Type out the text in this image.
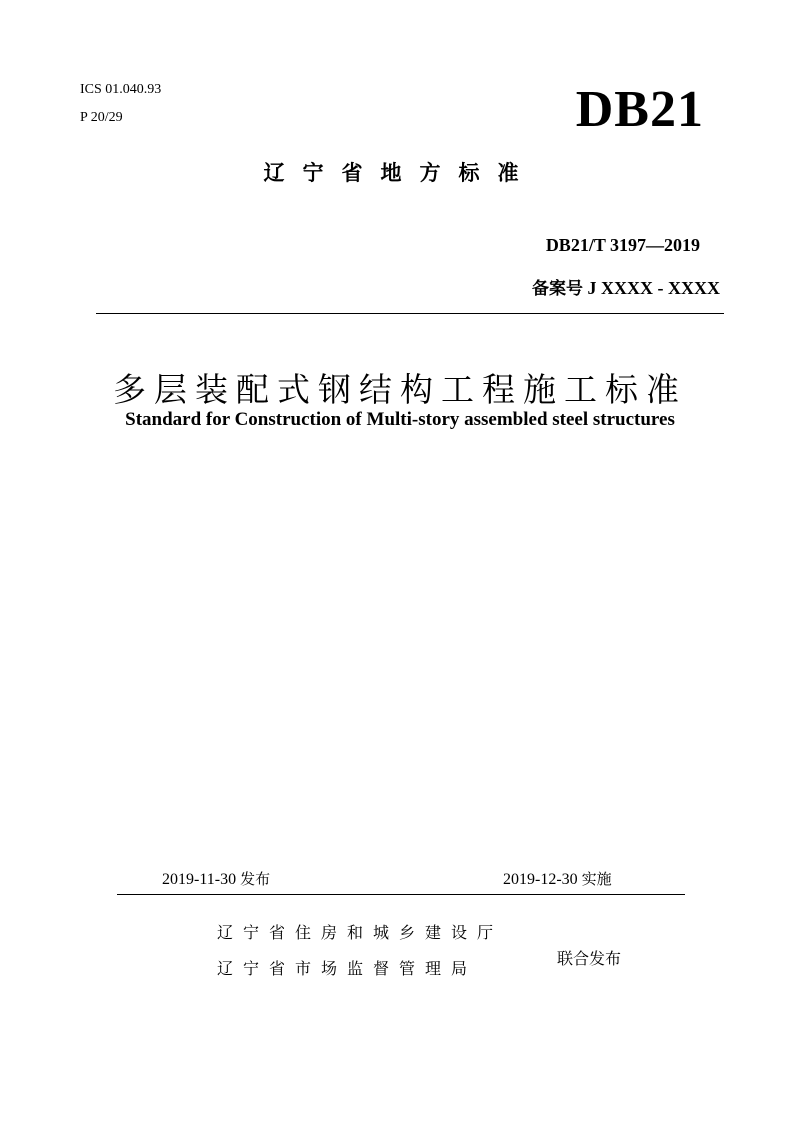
ICS 01.040.93
P 20/29	DB21
辽宁省地方标准
DB21/T 3197—2019
备案号 J XXXX - XXXX
多层装配式钢结构工程施工标准
Standard for Construction of Multi-story assembled steel structures
2019-11-30 发布	2019-12-30 实施
辽宁省住房和城乡建设厅
辽宁省市场监督管理局
联合发布
